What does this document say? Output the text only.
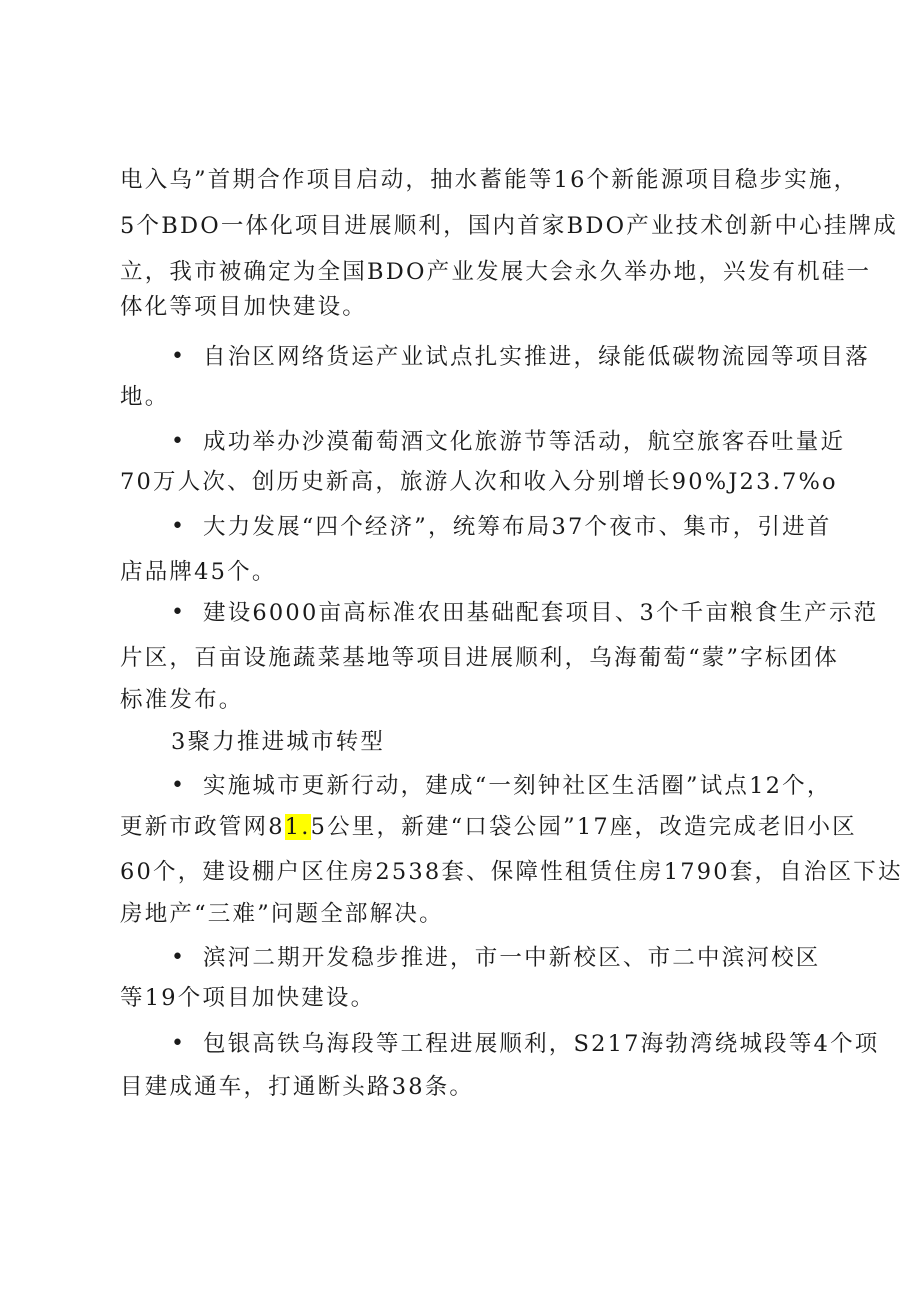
电入乌”首期合作项目启动，抽水蓄能等16个新能源项目稳步实施，
5个BDO一体化项目进展顺利，国内首家BDO产业技术创新中心挂牌成
立，我市被确定为全国BDO产业发展大会永久举办地，兴发有机硅一
体化等项目加快建设。
• 自治区网络货运产业试点扎实推进，绿能低碳物流园等项目落
地。
• 成功举办沙漠葡萄酒文化旅游节等活动，航空旅客吞吐量近
70万人次、创历史新高，旅游人次和收入分别增长90%J23.7%o
• 大力发展“四个经济”，统筹布局37个夜市、集市，引进首
店品牌45个。
• 建设6000亩高标准农田基础配套项目、3个千亩粮食生产示范
片区，百亩设施蔬菜基地等项目进展顺利，乌海葡萄“蒙”字标团体
标准发布。
3聚力推进城市转型
• 实施城市更新行动，建成“一刻钟社区生活圈”试点12个，
更新市政管网81.5公里，新建“口袋公园”17座，改造完成老旧小区
60个，建设棚户区住房2538套、保障性租赁住房1790套，自治区下达
房地产“三难”问题全部解决。
• 滨河二期开发稳步推进，市一中新校区、市二中滨河校区
等19个项目加快建设。
• 包银高铁乌海段等工程进展顺利，S217海勃湾绕城段等4个项
目建成通车，打通断头路38条。
